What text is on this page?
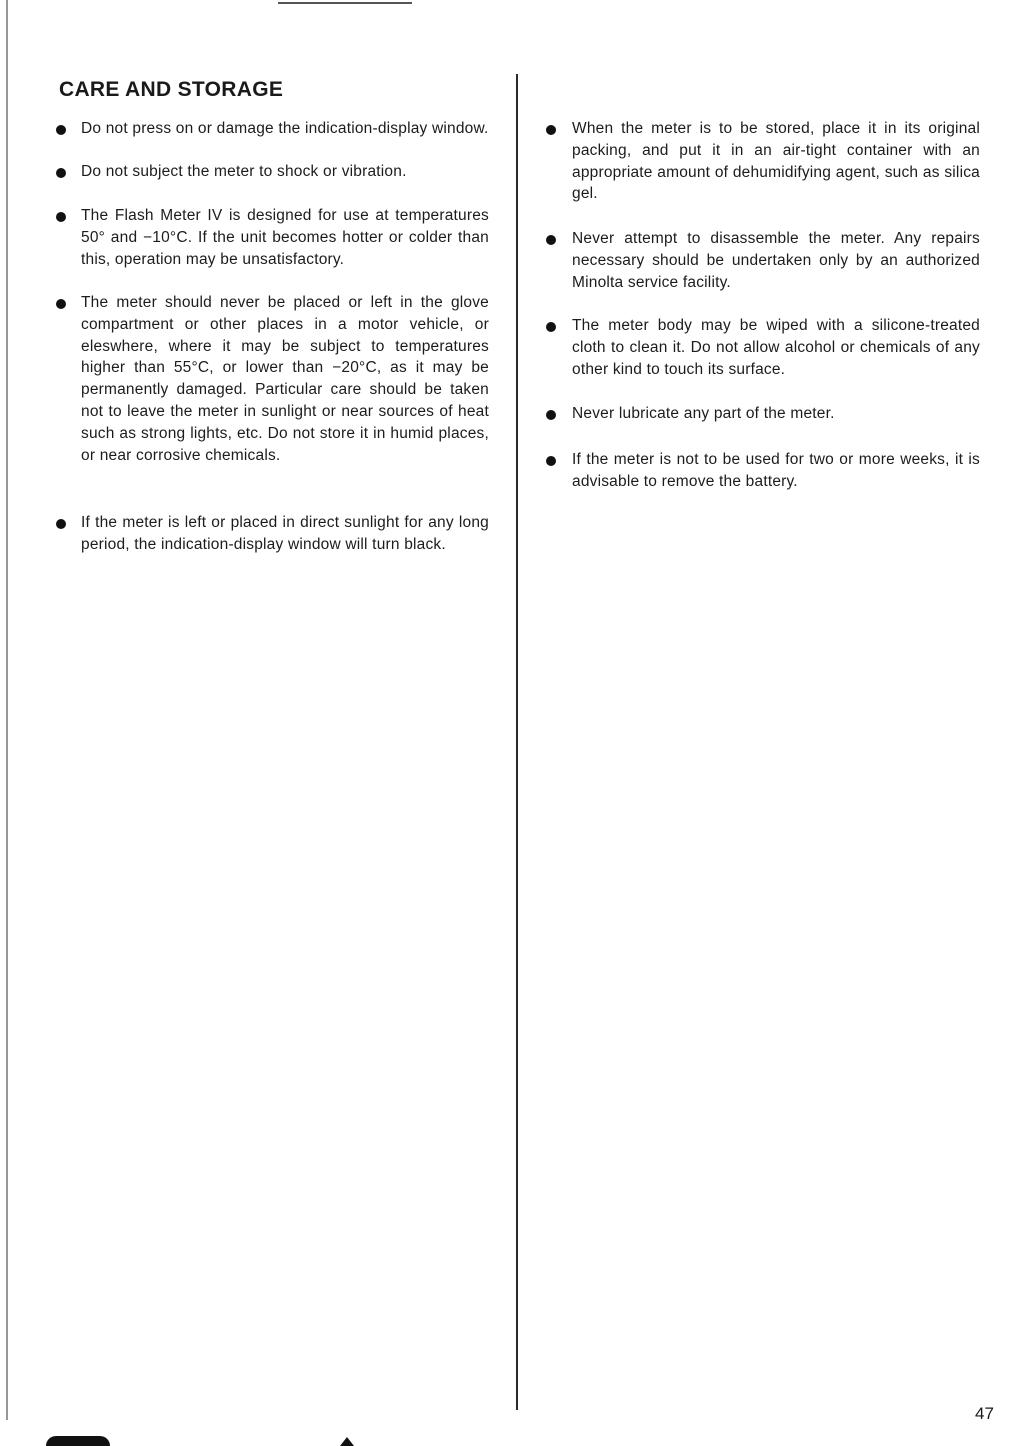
CARE AND STORAGE

Do not press on or damage the indication-display window.

Do not subject the meter to shock or vibration.

The Flash Meter IV is designed for use at temperatures 50° and −10°C. If the unit becomes hotter or colder than this, operation may be unsatisfactory.

The meter should never be placed or left in the glove compartment or other places in a motor vehicle, or eleswhere, where it may be subject to temperatures higher than 55°C, or lower than −20°C, as it may be permanently damaged. Particular care should be taken not to leave the meter in sunlight or near sources of heat such as strong lights, etc. Do not store it in humid places, or near corrosive chemicals.

If the meter is left or placed in direct sunlight for any long period, the indication-display window will turn black.

When the meter is to be stored, place it in its original packing, and put it in an air-tight container with an appropriate amount of dehumidifying agent, such as silica gel.

Never attempt to disassemble the meter. Any repairs necessary should be undertaken only by an authorized Minolta service facility.

The meter body may be wiped with a silicone-treated cloth to clean it. Do not allow alcohol or chemicals of any other kind to touch its surface.

Never lubricate any part of the meter.

If the meter is not to be used for two or more weeks, it is advisable to remove the battery.

47
